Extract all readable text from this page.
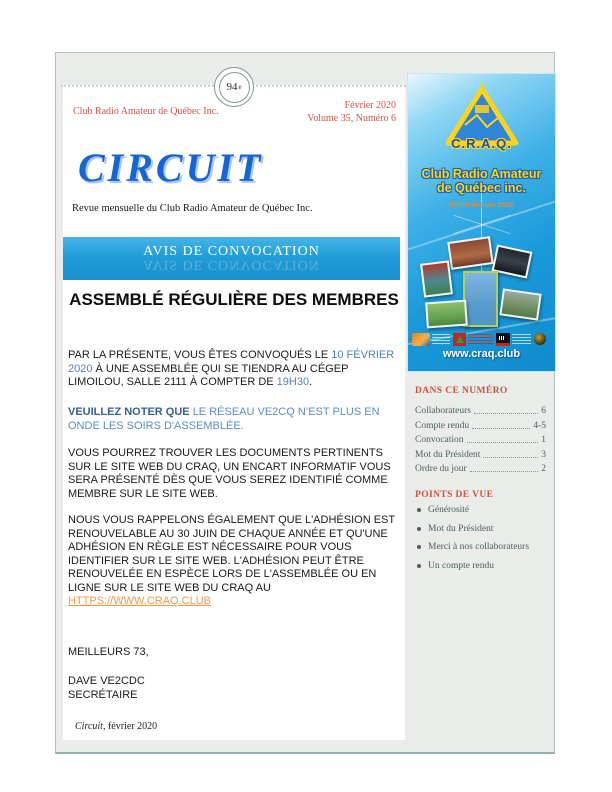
94 e
Club Radio Amateur de Québec Inc.
Février 2020
Volume 35, Numéro 6
CIRCUIT
Revue mensuelle du Club Radio Amateur de Québec Inc.
AVIS DE CONVOCATION
AVIS DE CONVOCATION
ASSEMBLÉ RÉGULIÈRE DES MEMBRES
PAR LA PRÉSENTE, VOUS ÊTES CONVOQUÉS LE 10 FÉVRIER 2020 À UNE ASSEMBLÉE QUI SE TIENDRA AU CÉGEP LIMOILOU, SALLE 2111 À COMPTER DE 19H30.
VEUILLEZ NOTER QUE LE RÉSEAU VE2CQ N’EST PLUS EN ONDE LES SOIRS D'ASSEMBLÉE.
VOUS POURREZ TROUVER LES DOCUMENTS PERTINENTS SUR LE SITE WEB DU CRAQ, UN ENCART INFORMATIF VOUS SERA PRÉSENTÉ DÈS QUE VOUS SEREZ IDENTIFIÉ COMME MEMBRE SUR LE SITE WEB.
NOUS VOUS RAPPELONS ÉGALEMENT QUE L'ADHÉSION EST RENOUVELABLE AU 30 JUIN DE CHAQUE ANNÉE ET QU'UNE ADHÉSION EN RÈGLE EST NÉCESSAIRE POUR VOUS IDENTIFIER SUR LE SITE WEB. L'ADHÉSION PEUT ÊTRE RENOUVELÉE EN ESPÈCE LORS DE L'ASSEMBLÉE OU EN LIGNE SUR LE SITE WEB DU CRAQ AU HTTPS://WWW.CRAQ.CLUB
MEILLEURS 73,
DAVE VE2CDC
SECRÉTAIRE
Circuit, février 2020
2
C.R.A.Q.
Club Radio Amateur
de Québec inc.
Établi depuis 1926
www.craq.club
DANS CE NUMÉRO
Collaborateurs	6
Compte rendu	4-5
Convocation	1
Mot du Président	3
Ordre du jour	2
POINTS DE VUE
Générosité
Mot du Président
Merci à nos collaborateurs
Un compte rendu
